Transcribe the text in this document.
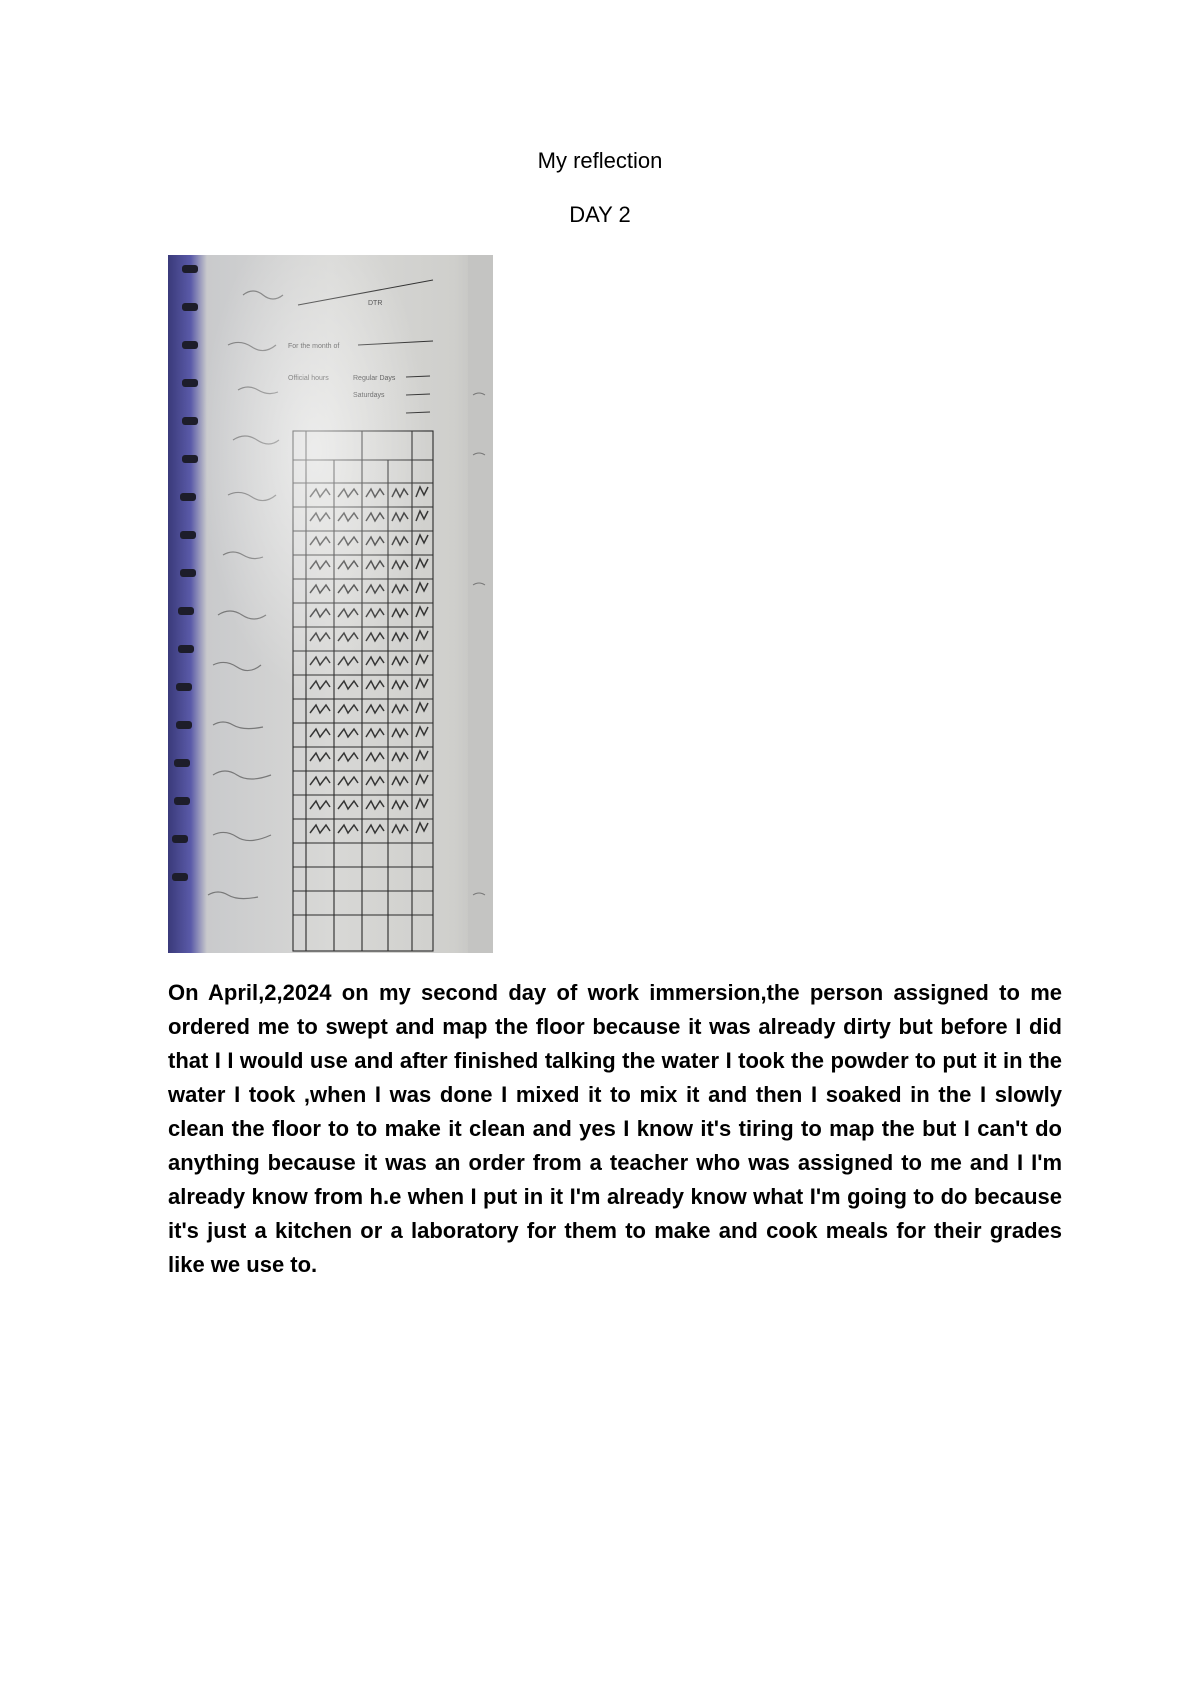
My reflection

DAY 2

On April,2,2024 on my second day of work immersion,the person assigned to me ordered me to swept and map the floor because it was already dirty but before I did that I I would use and after finished talking the water I took the powder to put it in the water I took ,when I was done I mixed it to mix it and then I soaked in the I slowly clean the floor to to make it clean and yes I know it's tiring to map the but I can't do anything because it was an order from a teacher who was assigned to me and I I'm already know from h.e when I put in it I'm already know what I'm going to do because it's just a kitchen or a laboratory for them to make and cook meals for their grades like we use to.
